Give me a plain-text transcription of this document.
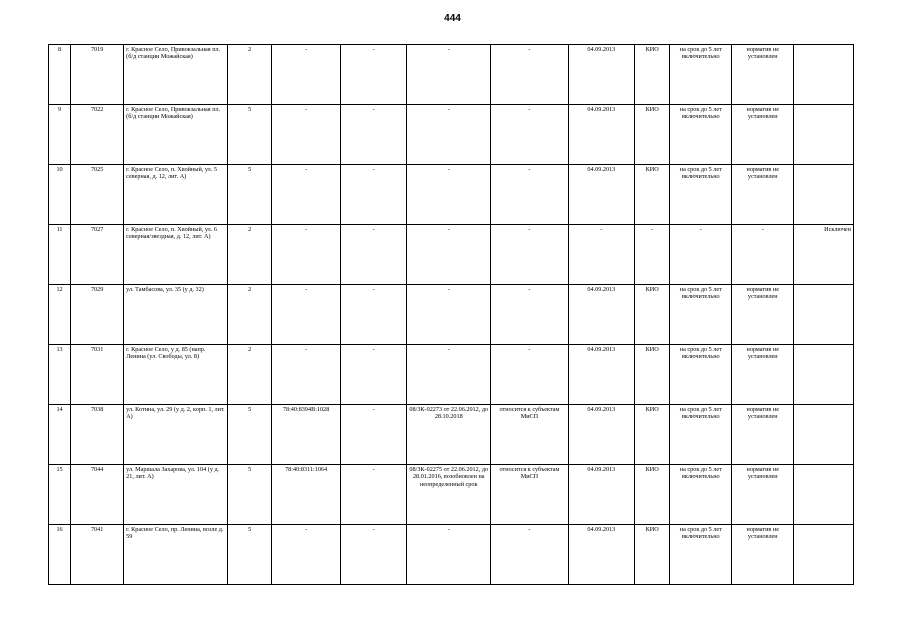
444
8	7019	г. Красное Село, Привокзальная пл. (б/д станции Можайская)	2	-	-	-	-	04.09.2013	КИО	на срок до 5 лет включительно	норматив не установлен	
9	7022	г. Красное Село, Привокзальная пл. (б/д станции Можайская)	5	-	-	-	-	04.09.2013	КИО	на срок до 5 лет включительно	норматив не установлен	
10	7025	г. Красное Село, п. Хвойный, ул. 5 северная, д. 12, лит. А)	5	-	-	-	-	04.09.2013	КИО	на срок до 5 лет включительно	норматив не установлен	
11	7027	г. Красное Село, п. Хвойный, ул. 6 северная/звездная, д. 12, лит. А)	2	-	-	-	-	-	-	-	-	Исключен
12	7029	ул. Тамбасова, ул. 35 (у д. 32)	2	-	-	-	-	04.09.2013	КИО	на срок до 5 лет включительно	норматив не установлен	
13	7031	г. Красное Село, у д. 85 (напр. Ленина (ул. Свободы, ул. 8)	2	-	-	-	-	04.09.2013	КИО	на срок до 5 лет включительно	норматив не установлен	
14	7038	ул. Котина, ул. 29 (у д. 2, корп. 1, лит. А)	5	78:40:8394В:1028	-	08/ЗК-02273 от 22.06.2012, до 28.10.2018	относится к субъектам МиСП	04.09.2013	КИО	на срок до 5 лет включительно	норматив не установлен	
15	7044	ул. Маршала Захарова, ул. 104 (у д. 21, лит. А)	5	78:40:8311:1064	-	08/ЗК-02275 от 22.06.2012, до 28.01.2016, возобновлен на неопределенный срок	относится к субъектам МиСП	04.09.2013	КИО	на срок до 5 лет включительно	норматив не установлен	
16	7041	г. Красное Село, пр. Ленина, возле д. 59	5	-	-	-	-	04.09.2013	КИО	на срок до 5 лет включительно	норматив не установлен	
